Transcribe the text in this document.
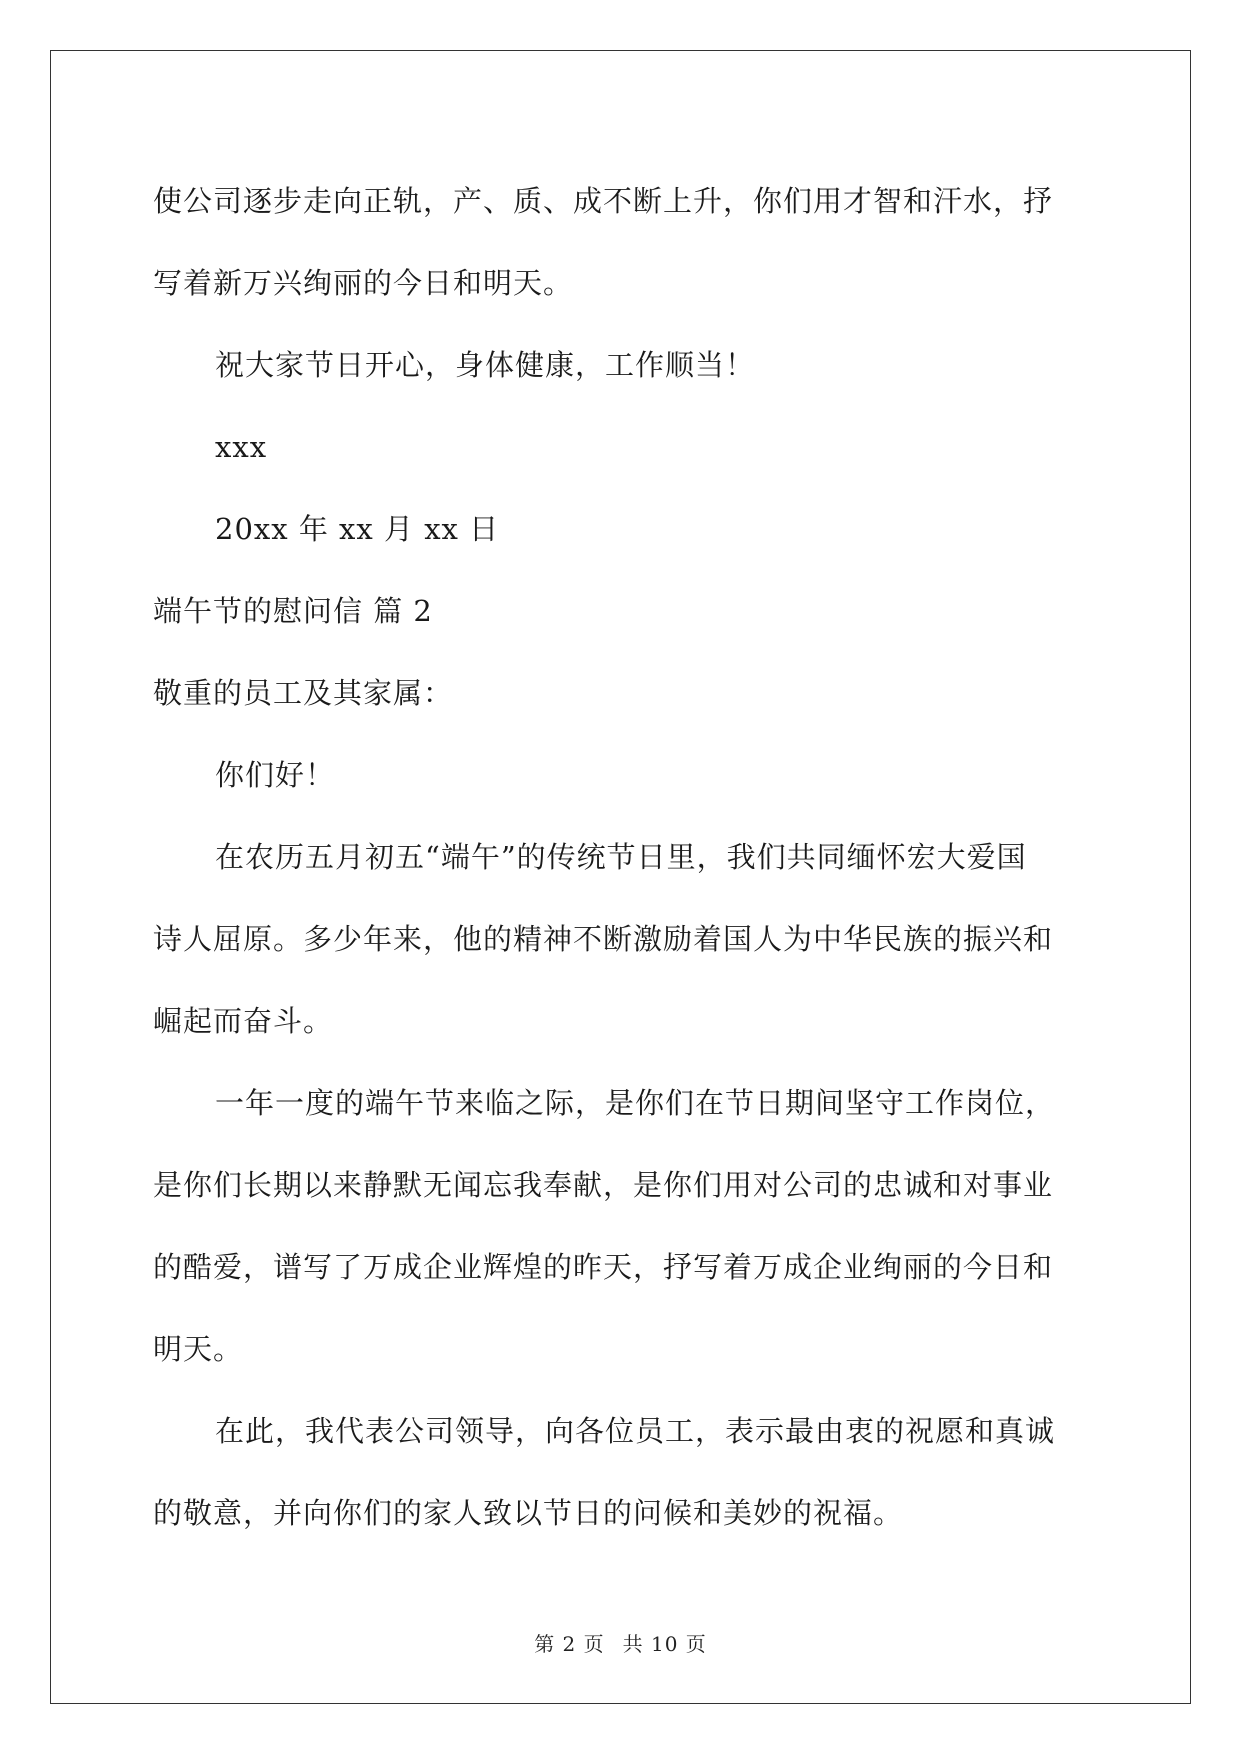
使公司逐步走向正轨，产、质、成不断上升，你们用才智和汗水，抒

写着新万兴绚丽的今日和明天。

祝大家节日开心，身体健康，工作顺当！

xxx

20xx 年 xx 月 xx 日

端午节的慰问信 篇 2

敬重的员工及其家属：

你们好！

在农历五月初五“端午”的传统节日里，我们共同缅怀宏大爱国

诗人屈原。多少年来，他的精神不断激励着国人为中华民族的振兴和

崛起而奋斗。

一年一度的端午节来临之际，是你们在节日期间坚守工作岗位，

是你们长期以来静默无闻忘我奉献，是你们用对公司的忠诚和对事业

的酷爱，谱写了万成企业辉煌的昨天，抒写着万成企业绚丽的今日和

明天。

在此，我代表公司领导，向各位员工，表示最由衷的祝愿和真诚

的敬意，并向你们的家人致以节日的问候和美妙的祝福。

第 2 页 共 10 页
